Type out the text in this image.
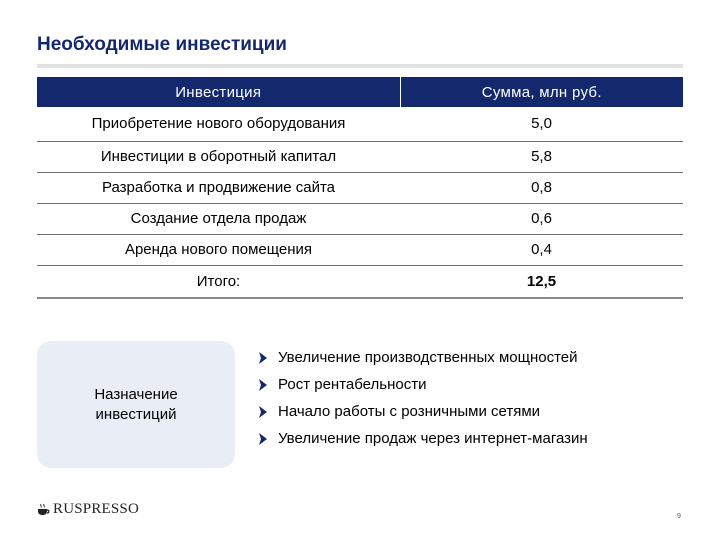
Необходимые инвестиции
Инвестиция	Сумма, млн руб.
Приобретение нового оборудования	5,0
Инвестиции в оборотный капитал	5,8
Разработка и продвижение сайта	0,8
Создание отдела продаж	0,6
Аренда нового помещения	0,4
Итого:	12,5
Назначение инвестиций
Увеличение производственных мощностей
Рост рентабельности
Начало работы с розничными сетями
Увеличение продаж через интернет-магазин
RUSPRESSO	9
